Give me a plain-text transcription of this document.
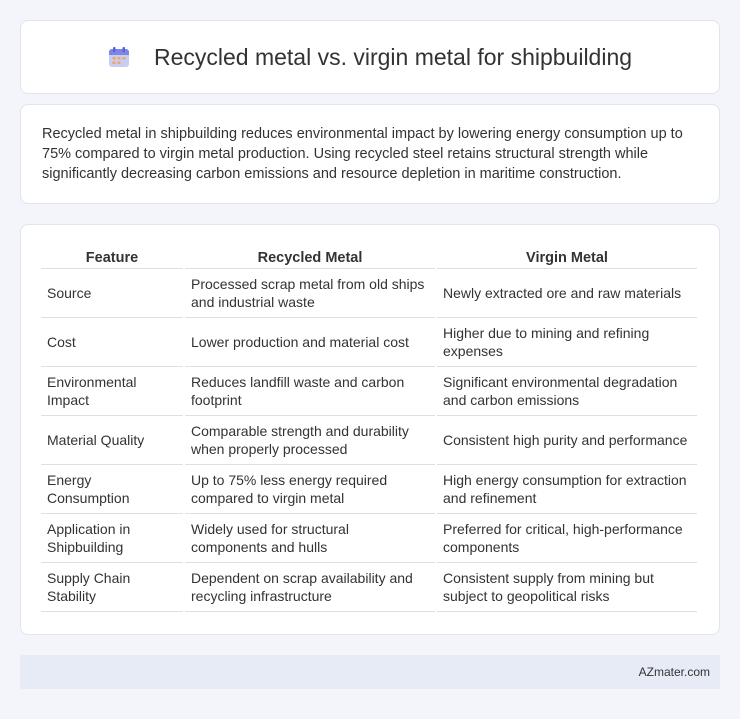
Recycled metal vs. virgin metal for shipbuilding

Recycled metal in shipbuilding reduces environmental impact by lowering energy consumption up to 75% compared to virgin metal production. Using recycled steel retains structural strength while significantly decreasing carbon emissions and resource depletion in maritime construction.

Feature	Recycled Metal	Virgin Metal
Source	Processed scrap metal from old ships and industrial waste	Newly extracted ore and raw materials
Cost	Lower production and material cost	Higher due to mining and refining expenses
Environmental Impact	Reduces landfill waste and carbon footprint	Significant environmental degradation and carbon emissions
Material Quality	Comparable strength and durability when properly processed	Consistent high purity and performance
Energy Consumption	Up to 75% less energy required compared to virgin metal	High energy consumption for extraction and refinement
Application in Shipbuilding	Widely used for structural components and hulls	Preferred for critical, high-performance components
Supply Chain Stability	Dependent on scrap availability and recycling infrastructure	Consistent supply from mining but subject to geopolitical risks
AZmater.com
